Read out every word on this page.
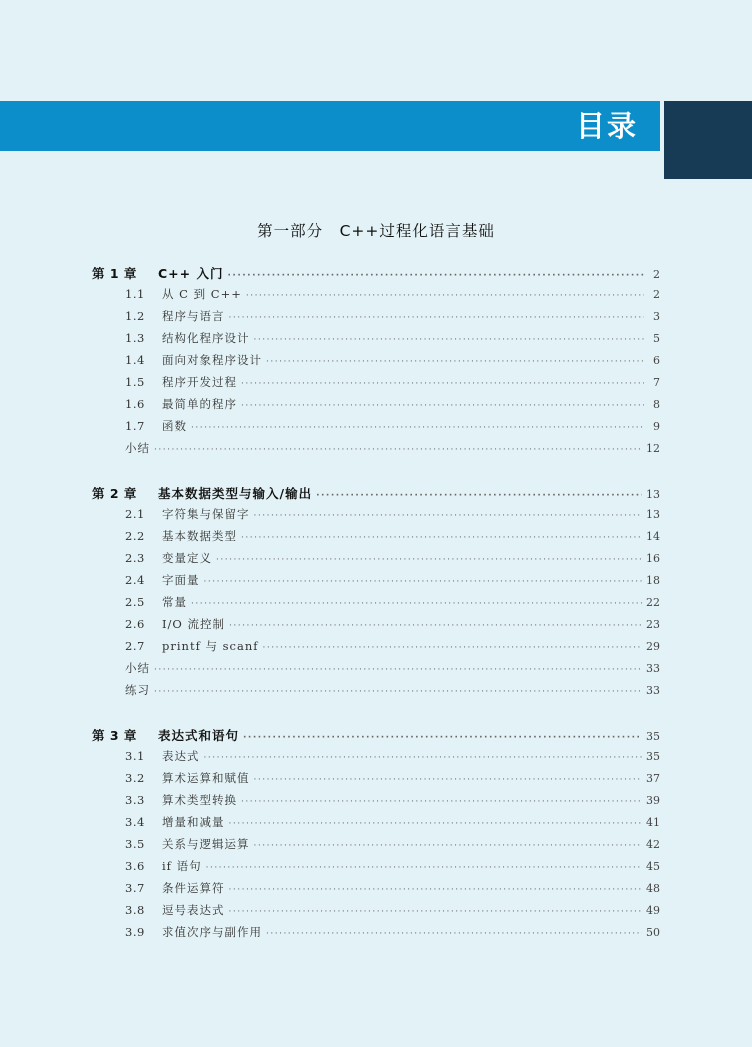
目录
第一部分　C++过程化语言基础
第 1 章	C++ 入门 ·····	2
1.1	从 C 到 C++ ·····	2
1.2	程序与语言 ·····	3
1.3	结构化程序设计 ·····	5
1.4	面向对象程序设计 ·····	6
1.5	程序开发过程 ·····	7
1.6	最简单的程序 ·····	8
1.7	函数 ·····	9
小结 ·····	12
第 2 章	基本数据类型与输入/输出 ·····	13
2.1	字符集与保留字 ·····	13
2.2	基本数据类型 ·····	14
2.3	变量定义 ·····	16
2.4	字面量 ·····	18
2.5	常量 ·····	22
2.6	I/O 流控制 ·····	23
2.7	printf 与 scanf ·····	29
小结 ·····	33
练习 ·····	33
第 3 章	表达式和语句 ·····	35
3.1	表达式 ·····	35
3.2	算术运算和赋值 ·····	37
3.3	算术类型转换 ·····	39
3.4	增量和减量 ·····	41
3.5	关系与逻辑运算 ·····	42
3.6	if 语句 ·····	45
3.7	条件运算符 ·····	48
3.8	逗号表达式 ·····	49
3.9	求值次序与副作用 ·····	50
